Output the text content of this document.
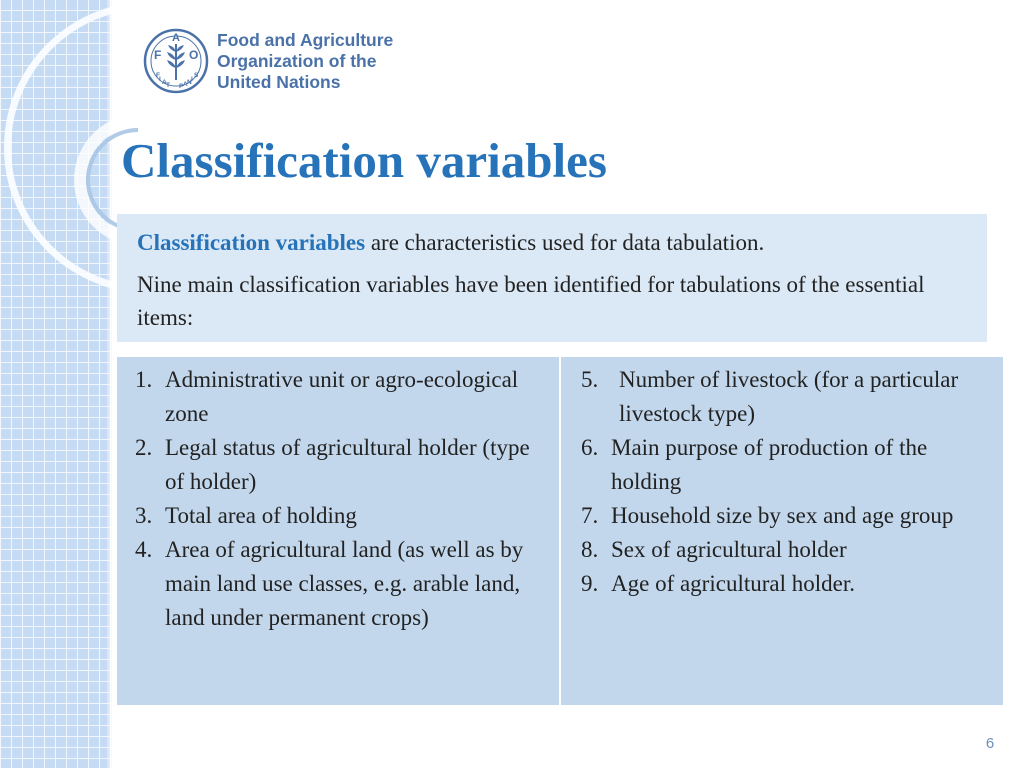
F
A
O
F
I A T P A N I
S
Food and Agriculture
Organization of the
United Nations
Classification variables

Classification variables are characteristics used for data tabulation.

Nine main classification variables have been identified for tabulations of the essential items:

1. Administrative unit or agro-ecological zone
2. Legal status of agricultural holder (type of holder)
3. Total area of holding
4. Area of agricultural land (as well as by main land use classes, e.g. arable land, land under permanent crops)
5. Number of livestock (for a particular livestock type)
6. Main purpose of production of the holding
7. Household size by sex and age group
8. Sex of agricultural holder
9. Age of agricultural holder.
6
